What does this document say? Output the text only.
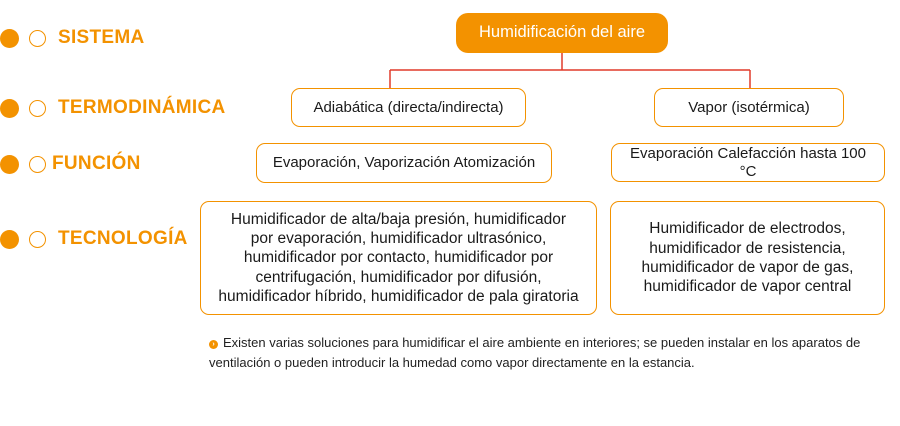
SISTEMA
TERMODINÁMICA
FUNCIÓN
TECNOLOGÍA
Humidificación del aire
Adiabática (directa/indirecta)
Evaporación, Vaporización Atomización
Humidificador de alta/baja presión, humidificador
por evaporación, humidificador ultrasónico,
humidificador por contacto, humidificador por
centrifugación, humidificador por difusión,
humidificador híbrido, humidificador de pala giratoria
Vapor (isotérmica)
Evaporación Calefacción hasta 100 °C
Humidificador de electrodos,
humidificador de resistencia,
humidificador de vapor de gas,
humidificador de vapor central
› Existen varias soluciones para humidificar el aire ambiente en interiores; se pueden instalar en los aparatos de ventilación o pueden introducir la humedad como vapor directamente en la estancia.
